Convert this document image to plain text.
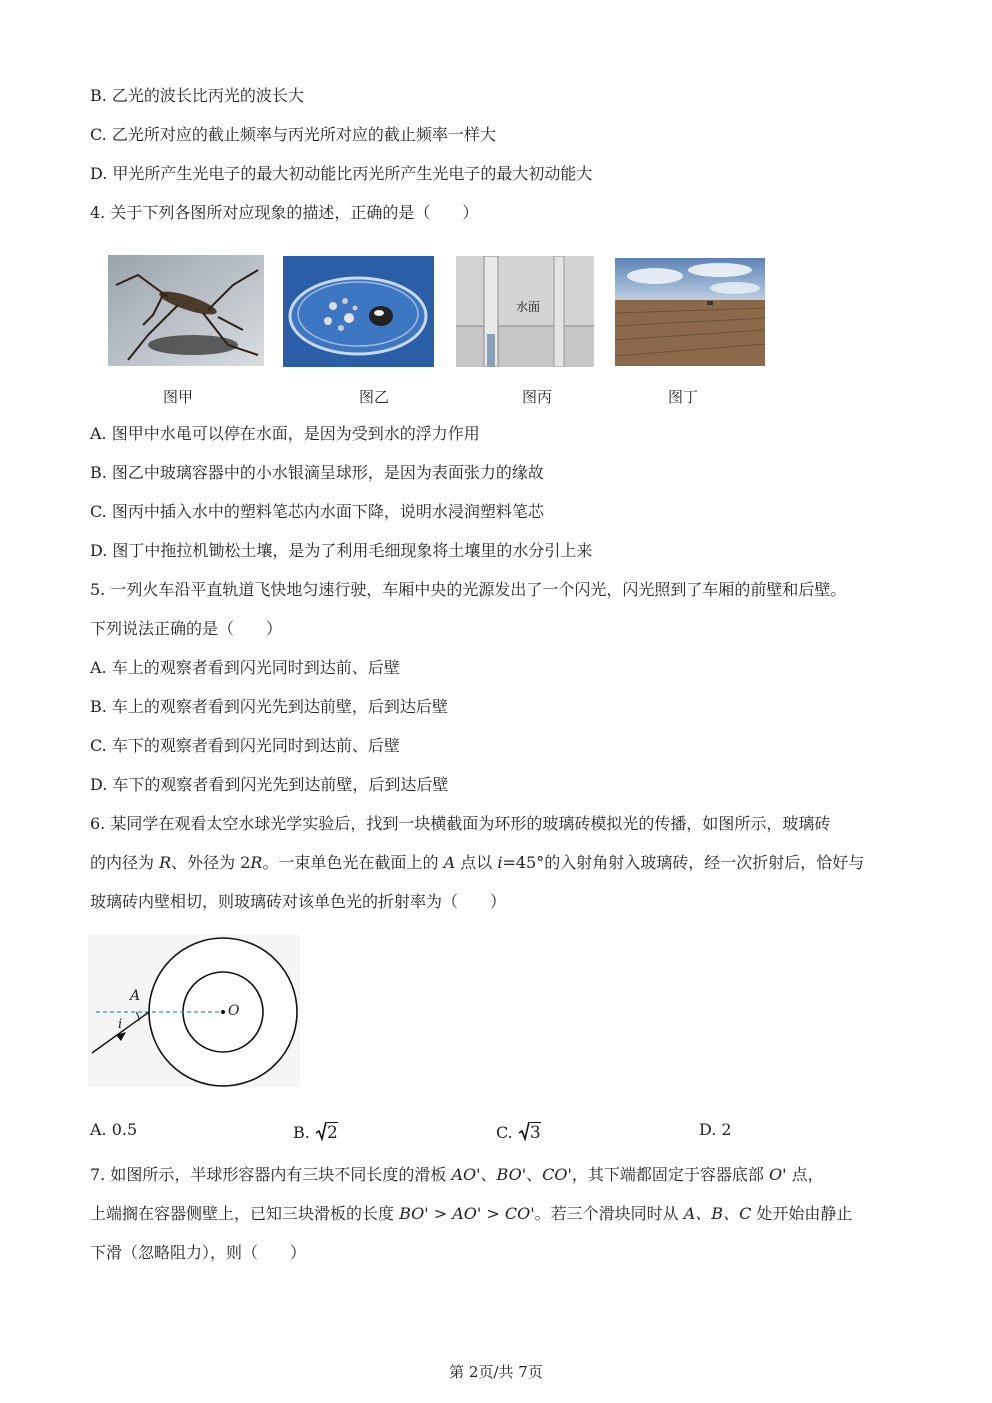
B. 乙光的波长比丙光的波长大
C. 乙光所对应的截止频率与丙光所对应的截止频率一样大
D. 甲光所产生光电子的最大初动能比丙光所产生光电子的最大初动能大
4. 关于下列各图所对应现象的描述，正确的是（　　）
水面
图甲	图乙	图丙	图丁
A. 图甲中水黾可以停在水面，是因为受到水的浮力作用
B. 图乙中玻璃容器中的小水银滴呈球形，是因为表面张力的缘故
C. 图丙中插入水中的塑料笔芯内水面下降，说明水浸润塑料笔芯
D. 图丁中拖拉机锄松土壤，是为了利用毛细现象将土壤里的水分引上来
5. 一列火车沿平直轨道飞快地匀速行驶，车厢中央的光源发出了一个闪光，闪光照到了车厢的前壁和后壁。
下列说法正确的是（　　）
A. 车上的观察者看到闪光同时到达前、后壁
B. 车上的观察者看到闪光先到达前壁，后到达后壁
C. 车下的观察者看到闪光同时到达前、后壁
D. 车下的观察者看到闪光先到达前壁，后到达后壁
6. 某同学在观看太空水球光学实验后，找到一块横截面为环形的玻璃砖模拟光的传播，如图所示，玻璃砖
的内径为 R、外径为 2R。一束单色光在截面上的 A 点以 i=45°的入射角射入玻璃砖，经一次折射后，恰好与
玻璃砖内壁相切，则玻璃砖对该单色光的折射率为（　　）
A
O
i
A. 0.5	B. 2	C. 3	D. 2
7. 如图所示，半球形容器内有三块不同长度的滑板 AO'、BO'、CO'，其下端都固定于容器底部 O' 点，
上端搁在容器侧壁上，已知三块滑板的长度 BO' > AO' > CO'。若三个滑块同时从 A、B、C 处开始由静止
下滑（忽略阻力），则（　　）
第 2页/共 7页
